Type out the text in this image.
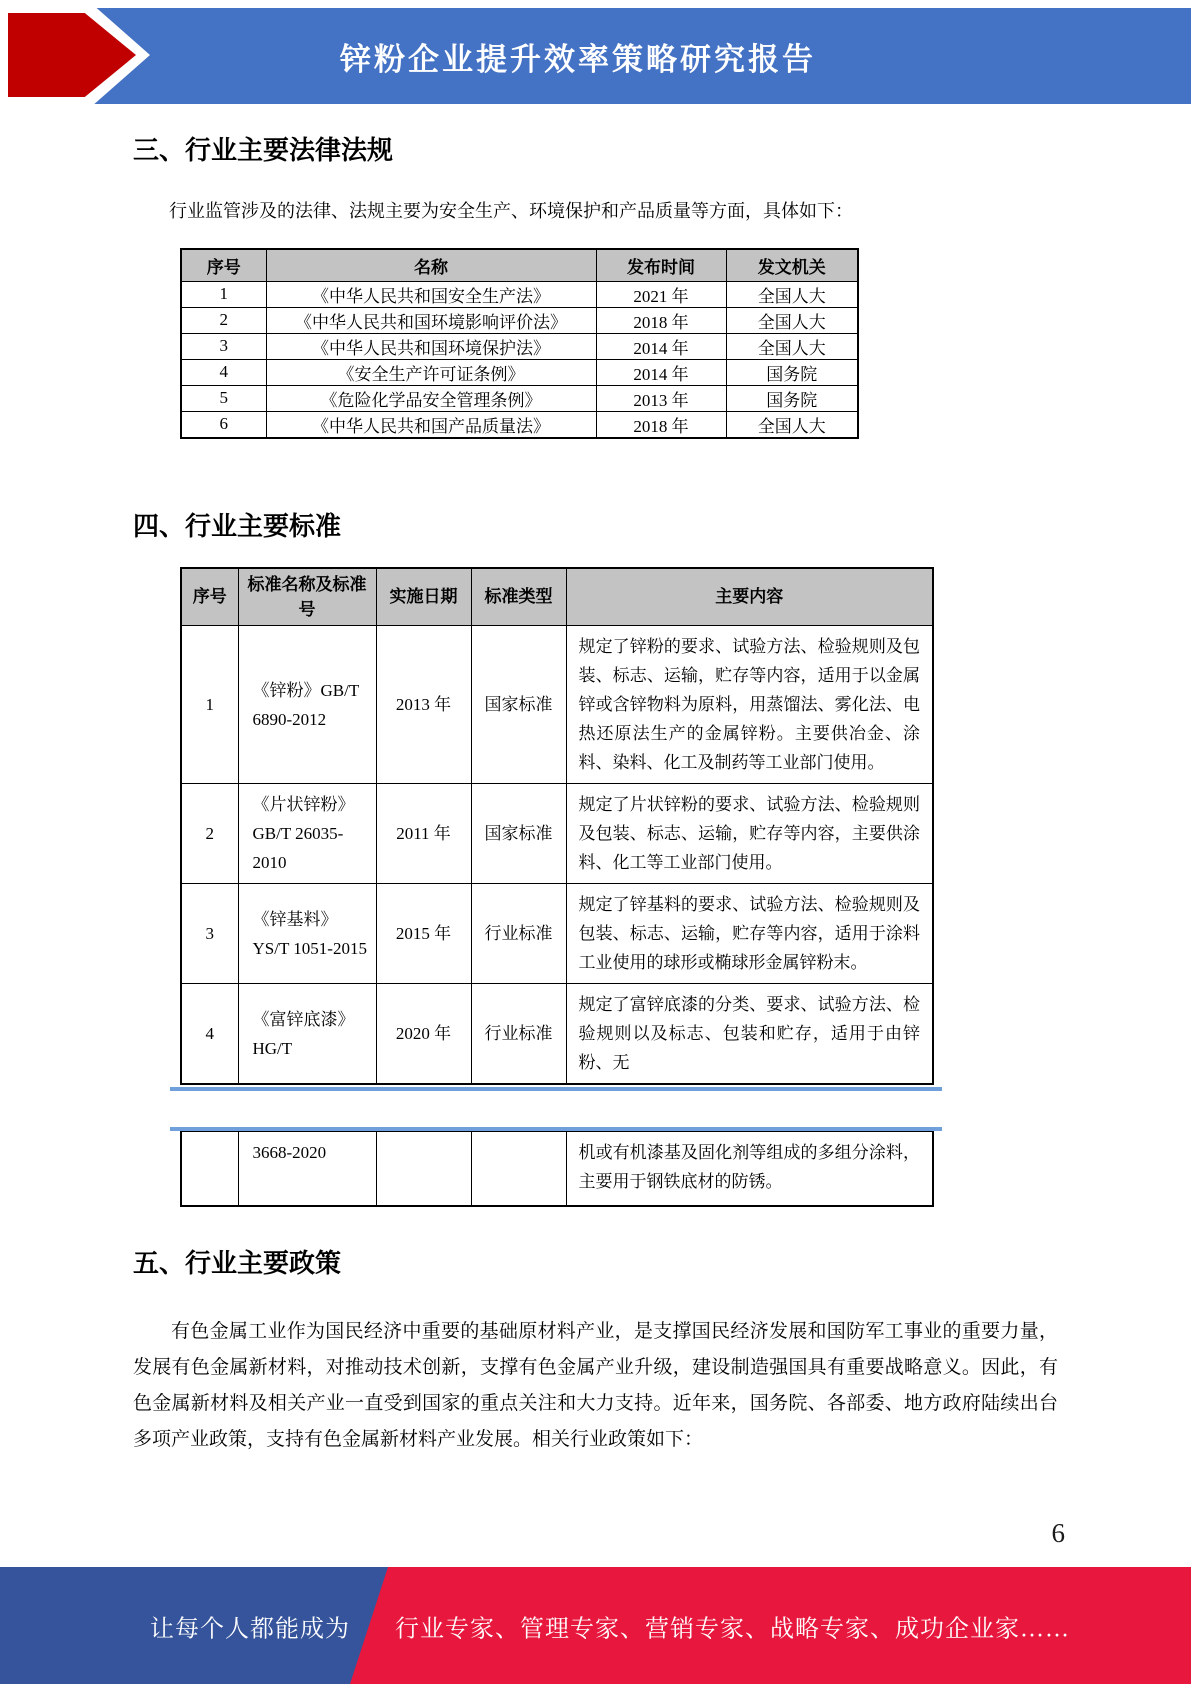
锌粉企业提升效率策略研究报告
三、行业主要法律法规

行业监管涉及的法律、法规主要为安全生产、环境保护和产品质量等方面，具体如下：

序号	名称	发布时间	发文机关
1	《中华人民共和国安全生产法》	2021 年	全国人大
2	《中华人民共和国环境影响评价法》	2018 年	全国人大
3	《中华人民共和国环境保护法》	2014 年	全国人大
4	《安全生产许可证条例》	2014 年	国务院
5	《危险化学品安全管理条例》	2013 年	国务院
6	《中华人民共和国产品质量法》	2018 年	全国人大
四、行业主要标准
序号	标准名称及标准号	实施日期	标准类型	主要内容
1	《锌粉》GB/T 6890-2012	2013 年	国家标准	规定了锌粉的要求、试验方法、检验规则及包装、标志、运输，贮存等内容，适用于以金属锌或含锌物料为原料，用蒸馏法、雾化法、电热还原法生产的金属锌粉。主要供冶金、涂料、染料、化工及制药等工业部门使用。
2	《片状锌粉》 GB/T 26035-2010	2011 年	国家标准	规定了片状锌粉的要求、试验方法、检验规则及包装、标志、运输，贮存等内容，主要供涂料、化工等工业部门使用。
3	《锌基料》YS/T 1051-2015	2015 年	行业标准	规定了锌基料的要求、试验方法、检验规则及包装、标志、运输，贮存等内容，适用于涂料工业使用的球形或椭球形金属锌粉末。
4	《富锌底漆》 HG/T	2020 年	行业标准	规定了富锌底漆的分类、要求、试验方法、检验规则以及标志、包装和贮存，适用于由锌粉、无
	3668-2020			机或有机漆基及固化剂等组成的多组分涂料，主要用于钢铁底材的防锈。
五、行业主要政策

有色金属工业作为国民经济中重要的基础原材料产业，是支撑国民经济发展和国防军工事业的重要力量，发展有色金属新材料，对推动技术创新，支撑有色金属产业升级，建设制造强国具有重要战略意义。因此，有色金属新材料及相关产业一直受到国家的重点关注和大力支持。近年来，国务院、各部委、地方政府陆续出台多项产业政策，支持有色金属新材料产业发展。相关行业政策如下：

6
让每个人都能成为 行业专家、管理专家、营销专家、战略专家、成功企业家……
